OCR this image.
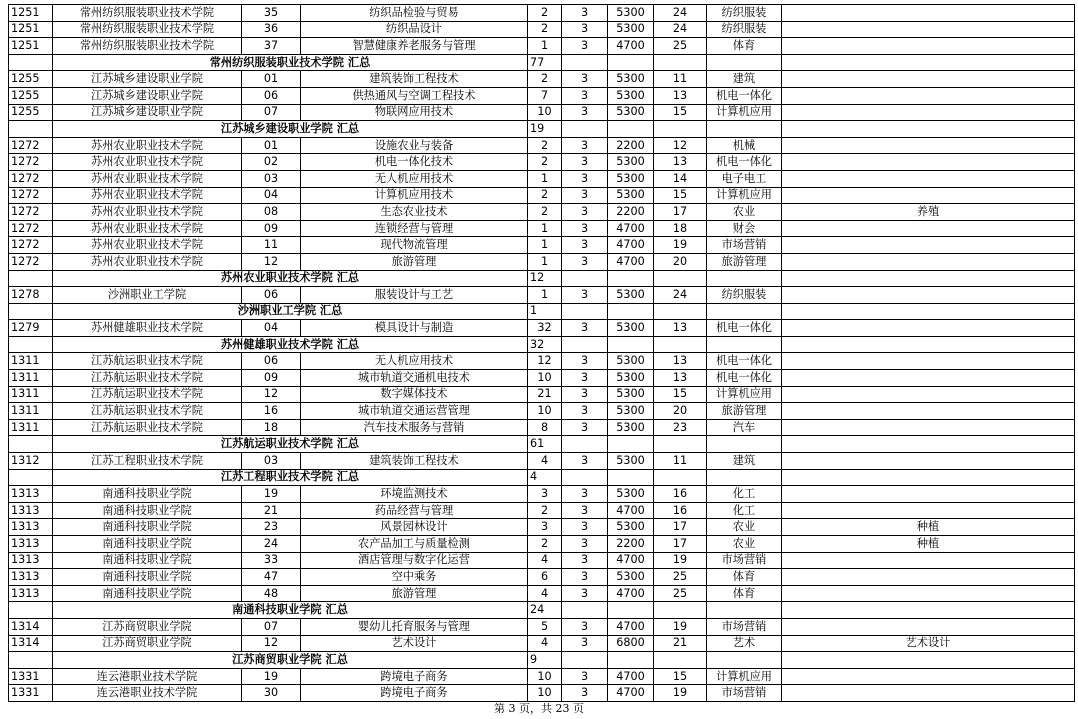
1251	常州纺织服装职业技术学院	35	纺织品检验与贸易	2	3	5300	24	纺织服装	
1251	常州纺织服装职业技术学院	36	纺织品设计	2	3	5300	24	纺织服装	
1251	常州纺织服装职业技术学院	37	智慧健康养老服务与管理	1	3	4700	25	体育	
	常州纺织服装职业技术学院 汇总			77					
1255	江苏城乡建设职业学院	01	建筑装饰工程技术	2	3	5300	11	建筑	
1255	江苏城乡建设职业学院	06	供热通风与空调工程技术	7	3	5300	13	机电一体化	
1255	江苏城乡建设职业学院	07	物联网应用技术	10	3	5300	15	计算机应用	
	江苏城乡建设职业学院 汇总			19					
1272	苏州农业职业技术学院	01	设施农业与装备	2	3	2200	12	机械	
1272	苏州农业职业技术学院	02	机电一体化技术	2	3	5300	13	机电一体化	
1272	苏州农业职业技术学院	03	无人机应用技术	1	3	5300	14	电子电工	
1272	苏州农业职业技术学院	04	计算机应用技术	2	3	5300	15	计算机应用	
1272	苏州农业职业技术学院	08	生态农业技术	2	3	2200	17	农业	养殖
1272	苏州农业职业技术学院	09	连锁经营与管理	1	3	4700	18	财会	
1272	苏州农业职业技术学院	11	现代物流管理	1	3	4700	19	市场营销	
1272	苏州农业职业技术学院	12	旅游管理	1	3	4700	20	旅游管理	
	苏州农业职业技术学院 汇总			12					
1278	沙洲职业工学院	06	服装设计与工艺	1	3	5300	24	纺织服装	
	沙洲职业工学院 汇总			1					
1279	苏州健雄职业技术学院	04	模具设计与制造	32	3	5300	13	机电一体化	
	苏州健雄职业技术学院 汇总			32					
1311	江苏航运职业技术学院	06	无人机应用技术	12	3	5300	13	机电一体化	
1311	江苏航运职业技术学院	09	城市轨道交通机电技术	10	3	5300	13	机电一体化	
1311	江苏航运职业技术学院	12	数字媒体技术	21	3	5300	15	计算机应用	
1311	江苏航运职业技术学院	16	城市轨道交通运营管理	10	3	5300	20	旅游管理	
1311	江苏航运职业技术学院	18	汽车技术服务与营销	8	3	5300	23	汽车	
	江苏航运职业技术学院 汇总			61					
1312	江苏工程职业技术学院	03	建筑装饰工程技术	4	3	5300	11	建筑	
	江苏工程职业技术学院 汇总			4					
1313	南通科技职业学院	19	环境监测技术	3	3	5300	16	化工	
1313	南通科技职业学院	21	药品经营与管理	2	3	4700	16	化工	
1313	南通科技职业学院	23	风景园林设计	3	3	5300	17	农业	种植
1313	南通科技职业学院	24	农产品加工与质量检测	2	3	2200	17	农业	种植
1313	南通科技职业学院	33	酒店管理与数字化运营	4	3	4700	19	市场营销	
1313	南通科技职业学院	47	空中乘务	6	3	5300	25	体育	
1313	南通科技职业学院	48	旅游管理	4	3	4700	25	体育	
	南通科技职业学院 汇总			24					
1314	江苏商贸职业学院	07	婴幼儿托育服务与管理	5	3	4700	19	市场营销	
1314	江苏商贸职业学院	12	艺术设计	4	3	6800	21	艺术	艺术设计
	江苏商贸职业学院 汇总			9					
1331	连云港职业技术学院	19	跨境电子商务	10	3	4700	15	计算机应用	
1331	连云港职业技术学院	30	跨境电子商务	10	3	4700	19	市场营销	
第 3 页，共 23 页
